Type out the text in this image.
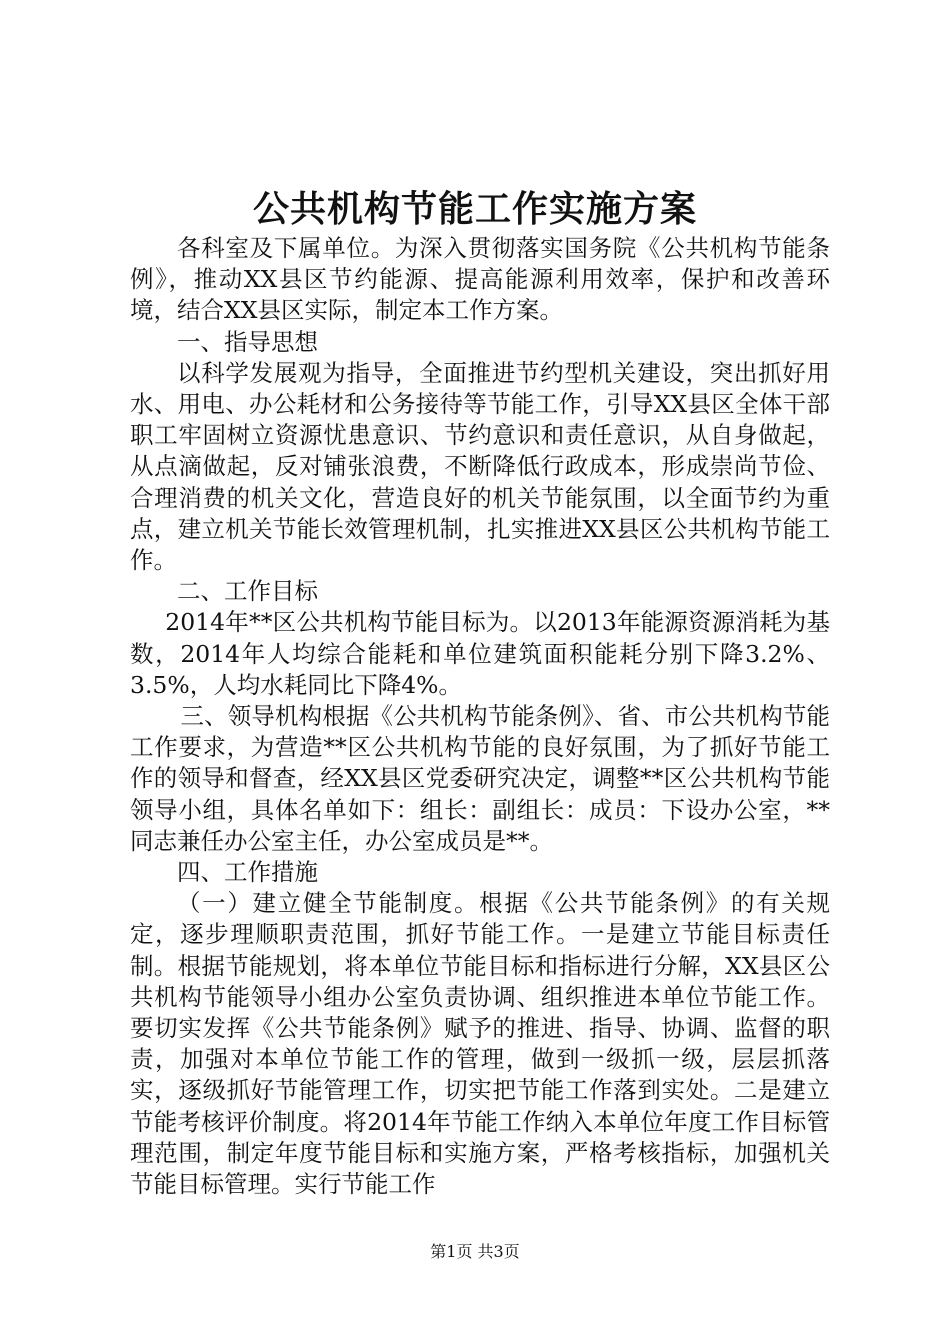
公共机构节能工作实施方案

各科室及下属单位。为深入贯彻落实国务院《公共机构节能条例》，推动XX县区节约能源、提高能源利用效率，保护和改善环境，结合XX县区实际，制定本工作方案。

一、指导思想

以科学发展观为指导，全面推进节约型机关建设，突出抓好用水、用电、办公耗材和公务接待等节能工作，引导XX县区全体干部职工牢固树立资源忧患意识、节约意识和责任意识，从自身做起，从点滴做起，反对铺张浪费，不断降低行政成本，形成崇尚节俭、合理消费的机关文化，营造良好的机关节能氛围，以全面节约为重点，建立机关节能长效管理机制，扎实推进XX县区公共机构节能工作。

二、工作目标

2014年**区公共机构节能目标为。以2013年能源资源消耗为基数，2014年人均综合能耗和单位建筑面积能耗分别下降3.2%、3.5%，人均水耗同比下降4%。

三、领导机构根据《公共机构节能条例》、省、市公共机构节能工作要求，为营造**区公共机构节能的良好氛围，为了抓好节能工作的领导和督查，经XX县区党委研究决定，调整**区公共机构节能领导小组，具体名单如下：组长：副组长：成员：下设办公室，**同志兼任办公室主任，办公室成员是**。

四、工作措施

（一）建立健全节能制度。根据《公共节能条例》的有关规定，逐步理顺职责范围，抓好节能工作。一是建立节能目标责任制。根据节能规划，将本单位节能目标和指标进行分解，XX县区公共机构节能领导小组办公室负责协调、组织推进本单位节能工作。要切实发挥《公共节能条例》赋予的推进、指导、协调、监督的职责，加强对本单位节能工作的管理，做到一级抓一级，层层抓落实，逐级抓好节能管理工作，切实把节能工作落到实处。二是建立节能考核评价制度。将2014年节能工作纳入本单位年度工作目标管理范围，制定年度节能目标和实施方案，严格考核指标，加强机关节能目标管理。实行节能工作

第1页 共3页
